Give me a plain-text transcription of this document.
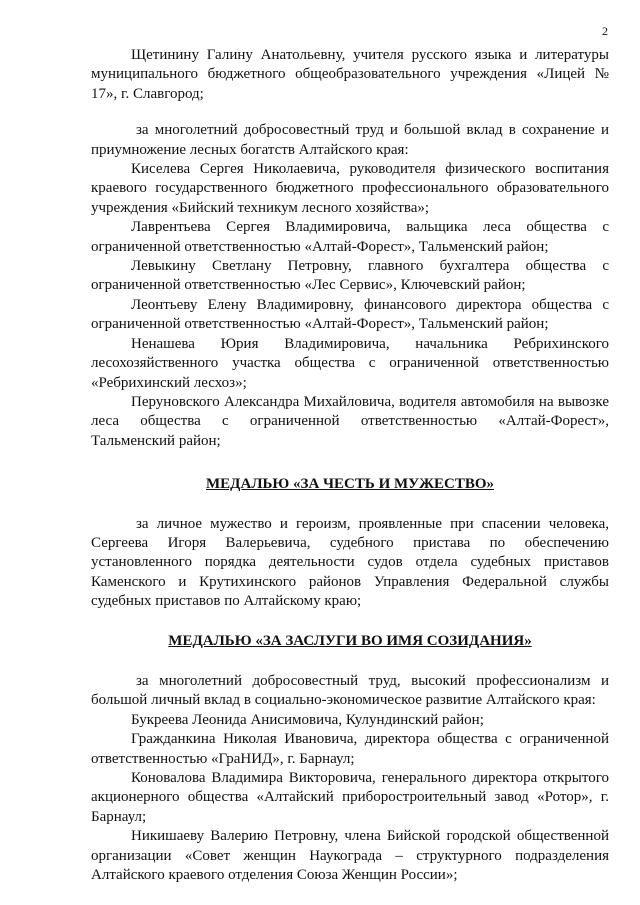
2

Щетинину Галину Анатольевну, учителя русского языка и литературы муниципального бюджетного общеобразовательного учреждения «Лицей № 17», г. Славгород;

за многолетний добросовестный труд и большой вклад в сохранение и приумножение лесных богатств Алтайского края:

Киселева Сергея Николаевича, руководителя физического воспитания краевого государственного бюджетного профессионального образовательного учреждения «Бийский техникум лесного хозяйства»;

Лаврентьева Сергея Владимировича, вальщика леса общества с ограниченной ответственностью «Алтай-Форест», Тальменский район;

Левыкину Светлану Петровну, главного бухгалтера общества с ограниченной ответственностью «Лес Сервис», Ключевский район;

Леонтьеву Елену Владимировну, финансового директора общества с ограниченной ответственностью «Алтай-Форест», Тальменский район;

Ненашева Юрия Владимировича, начальника Ребрихинского лесохозяйственного участка общества с ограниченной ответственностью «Ребрихинский лесхоз»;

Перуновского Александра Михайловича, водителя автомобиля на вывозке леса общества с ограниченной ответственностью «Алтай-Форест», Тальменский район;

МЕДАЛЬЮ «ЗА ЧЕСТЬ И МУЖЕСТВО»

за личное мужество и героизм, проявленные при спасении человека, Сергеева Игоря Валерьевича, судебного пристава по обеспечению установленного порядка деятельности судов отдела судебных приставов Каменского и Крутихинского районов Управления Федеральной службы судебных приставов по Алтайскому краю;

МЕДАЛЬЮ «ЗА ЗАСЛУГИ ВО ИМЯ СОЗИДАНИЯ»

за многолетний добросовестный труд, высокий профессионализм и большой личный вклад в социально-экономическое развитие Алтайского края:

Букреева Леонида Анисимовича, Кулундинский район;

Гражданкина Николая Ивановича, директора общества с ограниченной ответственностью «ГраНИД», г. Барнаул;

Коновалова Владимира Викторовича, генерального директора открытого акционерного общества «Алтайский приборостроительный завод «Ротор», г. Барнаул;

Никишаеву Валерию Петровну, члена Бийской городской общественной организации «Совет женщин Наукограда – структурного подразделения Алтайского краевого отделения Союза Женщин России»;
